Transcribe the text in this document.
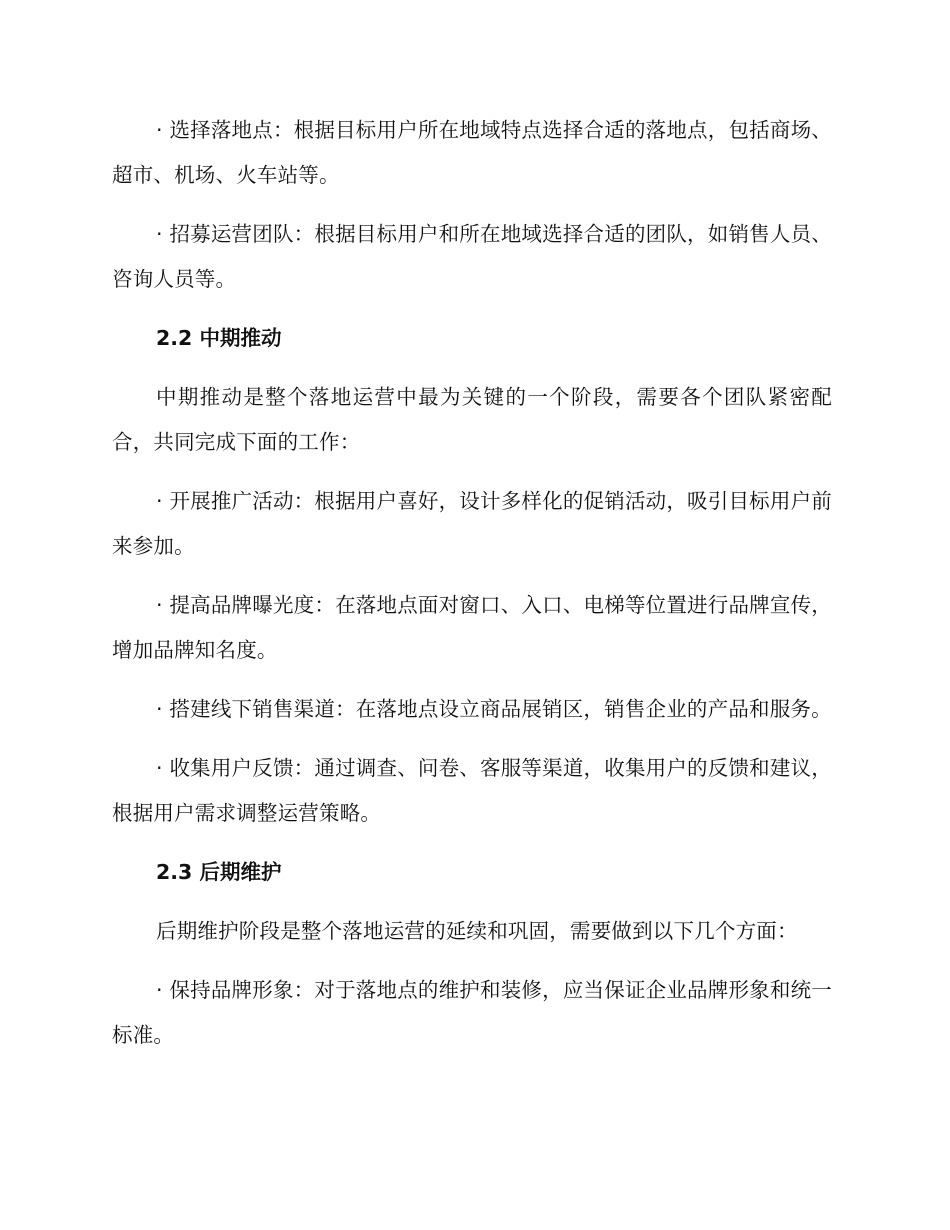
· 选择落地点：根据目标用户所在地域特点选择合适的落地点，包括商场、超市、机场、火车站等。

· 招募运营团队：根据目标用户和所在地域选择合适的团队，如销售人员、咨询人员等。

2.2 中期推动

中期推动是整个落地运营中最为关键的一个阶段，需要各个团队紧密配合，共同完成下面的工作：

· 开展推广活动：根据用户喜好，设计多样化的促销活动，吸引目标用户前来参加。

· 提高品牌曝光度：在落地点面对窗口、入口、电梯等位置进行品牌宣传，增加品牌知名度。

· 搭建线下销售渠道：在落地点设立商品展销区，销售企业的产品和服务。

· 收集用户反馈：通过调查、问卷、客服等渠道，收集用户的反馈和建议，根据用户需求调整运营策略。

2.3 后期维护

后期维护阶段是整个落地运营的延续和巩固，需要做到以下几个方面：

· 保持品牌形象：对于落地点的维护和装修，应当保证企业品牌形象和统一标准。
